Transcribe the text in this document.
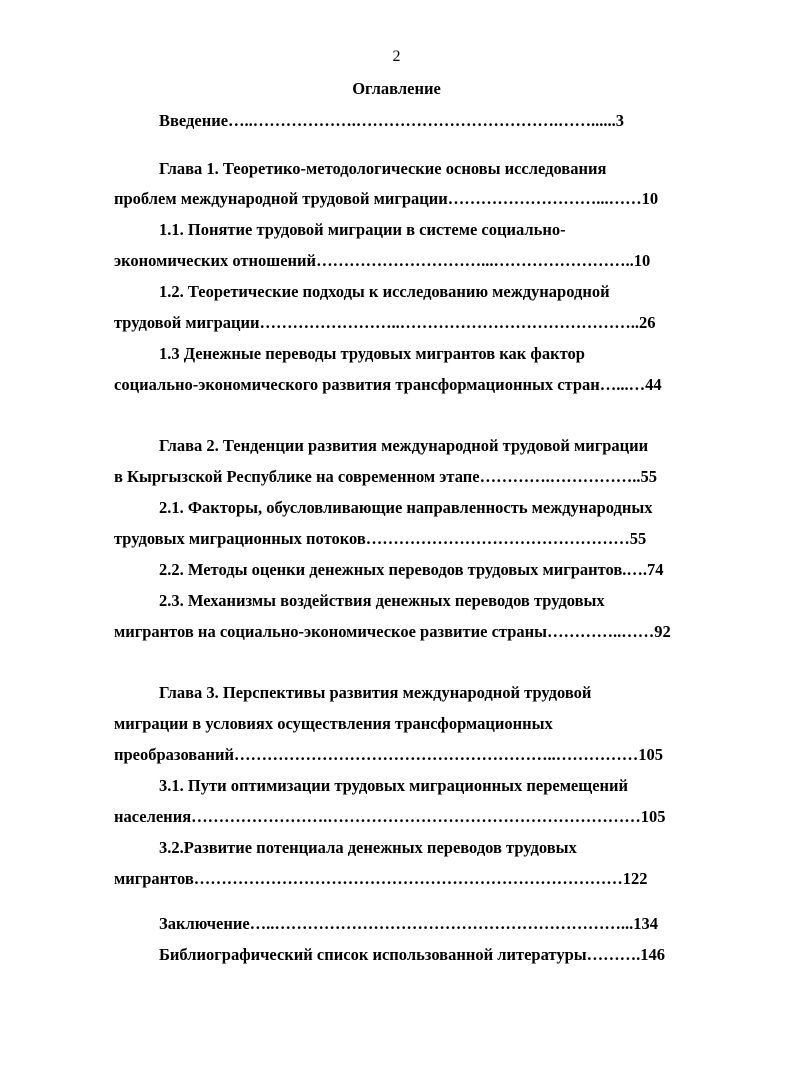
2
Оглавление
Введение…..……………….……………………………….……......3
Глава 1. Теоретико-методологические основы исследования
проблем международной трудовой миграции………………………...……10
1.1. Понятие трудовой миграции в системе социально-
экономических отношений…………………………...……………………..10
1.2. Теоретические подходы к исследованию международной
трудовой миграции……………………..……………………………………..26
1.3 Денежные переводы трудовых мигрантов как фактор
социально-экономического развития трансформационных стран…...…44
Глава 2. Тенденции развития международной трудовой миграции
в Кыргызской Республике на современном этапе………….……………..55
2.1. Факторы, обусловливающие направленность международных
трудовых миграционных потоков…………………………………………55
2.2. Методы оценки денежных переводов трудовых мигрантов.….74
2.3. Механизмы воздействия денежных переводов трудовых
мигрантов на социально-экономическое развитие страны…………..……92
Глава 3. Перспективы развития международной трудовой
миграции в условиях осуществления трансформационных
преобразований…………………………………………………..……………105
3.1. Пути оптимизации трудовых миграционных перемещений
населения…………………….…………………………………………………105
3.2.Развитие потенциала денежных переводов трудовых
мигрантов……………………………………………………………………122
Заключение…..………………………………………………………...134
Библиографический список использованной литературы……….146
